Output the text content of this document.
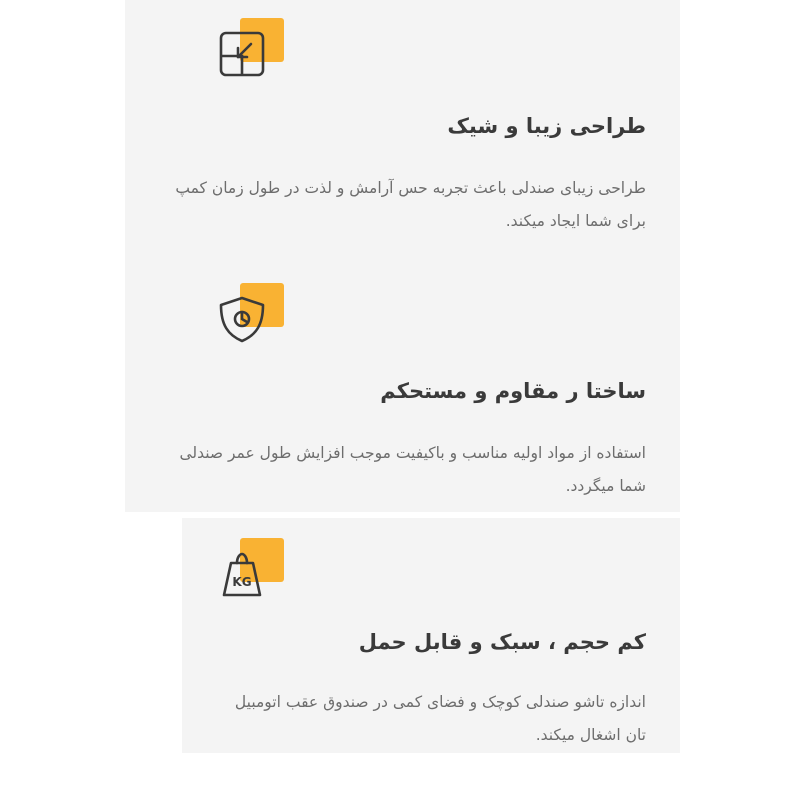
طراحی زیبا و شیک
طراحی زیبای صندلی باعث تجربه حس آرامش و لذت در طول زمان کمپ برای شما ایجاد میکند.
ساختا ر مقاوم و مستحکم
استفاده از مواد اولیه مناسب و باکیفیت موجب افزایش طول عمر صندلی شما میگردد.
KG
کم حجم ، سبک و قابل حمل
اندازه تاشو صندلی کوچک و فضای کمی در صندوق عقب اتومبیل تان اشغال میکند.
